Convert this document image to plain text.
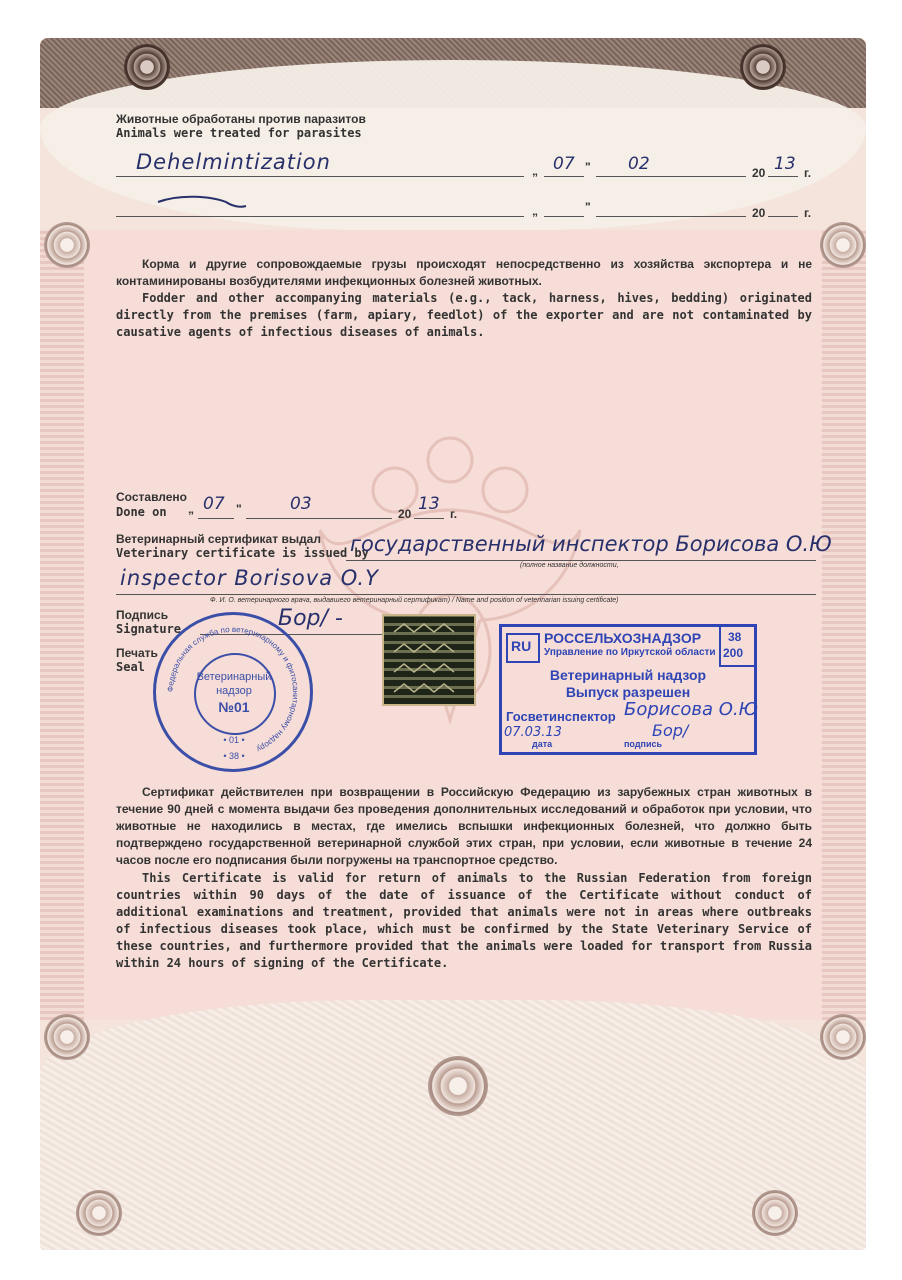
Животные обработаны против паразитов

Animals were treated for parasites

Dehelmintization	„ 07 " 02	20 13 г.

„	"	20	г.

Корма и другие сопровождаемые грузы происходят непосредственно из хозяйства экспортера и не контаминированы возбудителями инфекционных болезней животных.

Fodder and other accompanying materials (e.g., tack, harness, hives, bedding) originated directly from the premises (farm, apiary, feedlot) of the exporter and are not contaminated by causative agents of infectious diseases of animals.

Составлено

Done on „ 07 "	03	20 13 г.

Ветеринарный сертификат выдал

Veterinary certificate is issued by

государственный инспектор Борисова О.Ю

(полное название должности,

inspector Borisova O.Y

Ф. И. О. ветеринарного врача, выдавшего ветеринарный сертификат) / Name and position of veterinarian issuing certificate)

Подпись

Signature	Бор/ -

Печать

Seal

Федеральная служба по ветеринарному и фитосанитарному надзору

Ветеринарный

надзор

№01

• 01 •

• 38 •

RU РОССЕЛЬХОЗНАДЗОР

Управление по Иркутской области

38

200

Ветеринарный надзор

Выпуск разрешен

Госветинспектор Борисова О.Ю

07.03.13	Бор/

дата	подпись

Сертификат действителен при возвращении в Российскую Федерацию из зарубежных стран животных в течение 90 дней с момента выдачи без проведения дополнительных исследований и обработок при условии, что животные не находились в местах, где имелись вспышки инфекционных болезней, что должно быть подтверждено государственной ветеринарной службой этих стран, при условии, если животные в течение 24 часов после его подписания были погружены на транспортное средство.

This Certificate is valid for return of animals to the Russian Federation from foreign countries within 90 days of the date of issuance of the Certificate without conduct of additional examinations and treatment, provided that animals were not in areas where outbreaks of infectious diseases took place, which must be confirmed by the State Veterinary Service of these countries, and furthermore provided that the animals were loaded for transport from Russia within 24 hours of signing of the Certificate.
